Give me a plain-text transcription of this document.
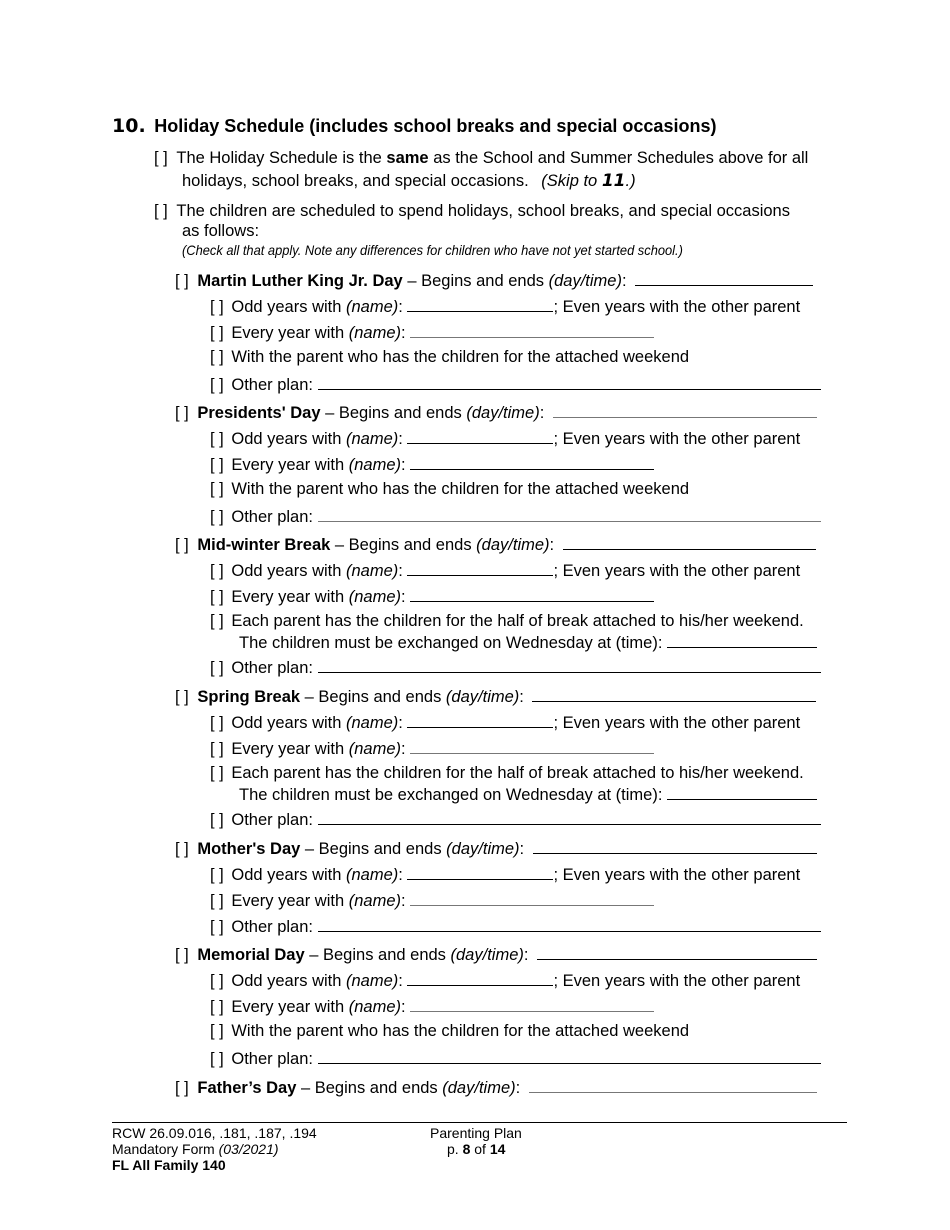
10. Holiday Schedule (includes school breaks and special occasions)
[ ] The Holiday Schedule is the same as the School and Summer Schedules above for all
holidays, school breaks, and special occasions. (Skip to 11.)
[ ] The children are scheduled to spend holidays, school breaks, and special occasions
as follows:
(Check all that apply. Note any differences for children who have not yet started school.)
[ ] Martin Luther King Jr. Day – Begins and ends (day/time):
[ ] Odd years with (name):	; Even years with the other parent
[ ] Every year with (name):
[ ] With the parent who has the children for the attached weekend
[ ] Other plan:
[ ] Presidents' Day – Begins and ends (day/time):
[ ] Odd years with (name):	; Even years with the other parent
[ ] Every year with (name):
[ ] With the parent who has the children for the attached weekend
[ ] Other plan:
[ ] Mid-winter Break – Begins and ends (day/time):
[ ] Odd years with (name):	; Even years with the other parent
[ ] Every year with (name):
[ ] Each parent has the children for the half of break attached to his/her weekend.
The children must be exchanged on Wednesday at (time):
[ ] Other plan:
[ ] Spring Break – Begins and ends (day/time):
[ ] Odd years with (name):	; Even years with the other parent
[ ] Every year with (name):
[ ] Each parent has the children for the half of break attached to his/her weekend.
The children must be exchanged on Wednesday at (time):
[ ] Other plan:
[ ] Mother's Day – Begins and ends (day/time):
[ ] Odd years with (name):	; Even years with the other parent
[ ] Every year with (name):
[ ] Other plan:
[ ] Memorial Day – Begins and ends (day/time):
[ ] Odd years with (name):	; Even years with the other parent
[ ] Every year with (name):
[ ] With the parent who has the children for the attached weekend
[ ] Other plan:
[ ] Father’s Day – Begins and ends (day/time):
RCW 26.09.016, .181, .187, .194
Mandatory Form (03/2021)
FL All Family 140
Parenting Plan
p. 8 of 14
